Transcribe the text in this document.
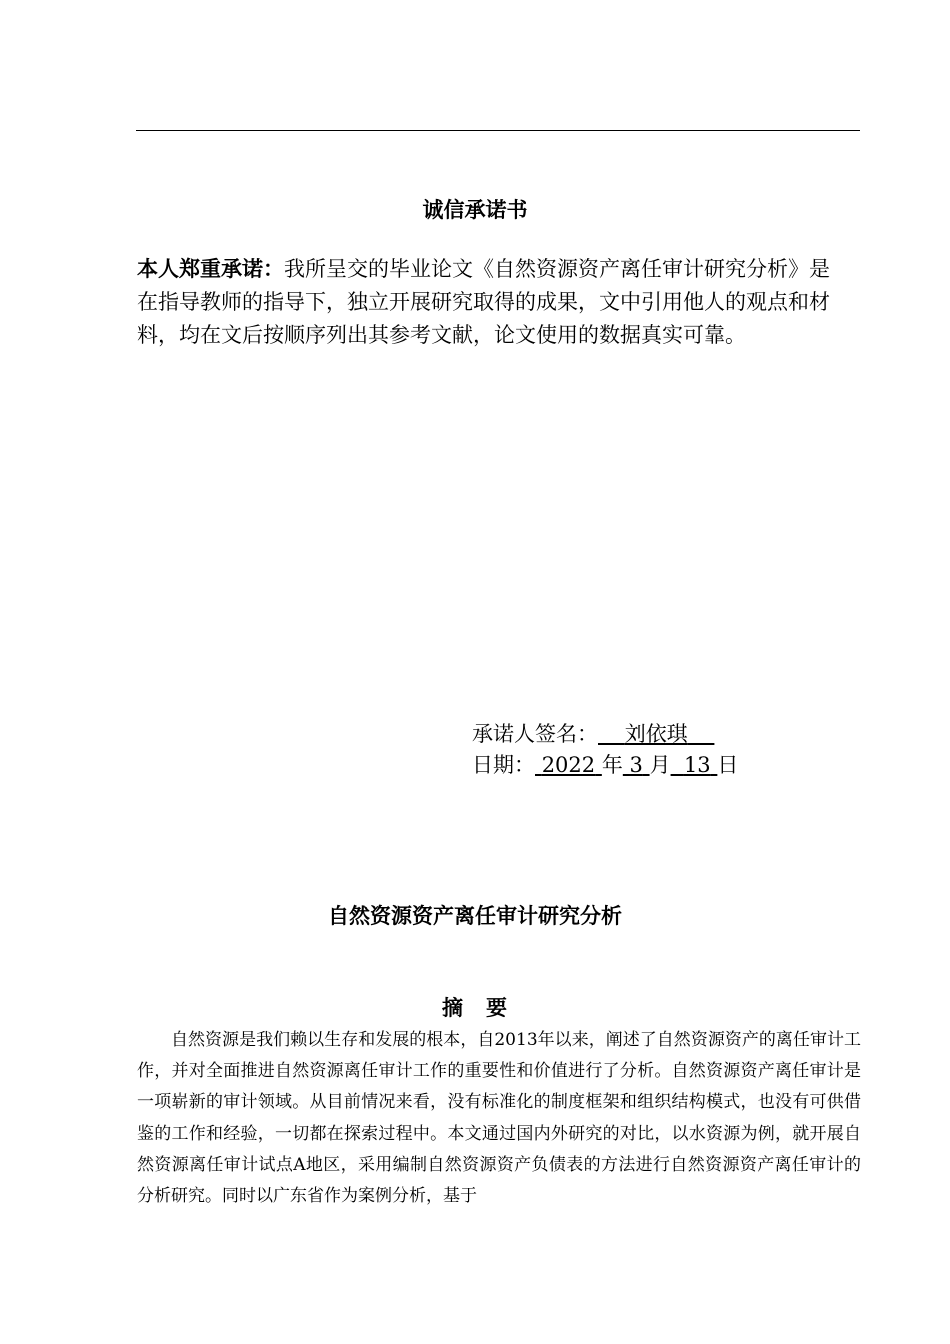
诚信承诺书
本人郑重承诺：我所呈交的毕业论文《自然资源资产离任审计研究分析》是在指导教师的指导下，独立开展研究取得的成果，文中引用他人的观点和材料，均在文后按顺序列出其参考文献，论文使用的数据真实可靠。
承诺人签名： 刘依琪
日期： 2022 年 3 月 13 日
自然资源资产离任审计研究分析
摘　要
自然资源是我们赖以生存和发展的根本，自2013年以来，阐述了自然资源资产的离任审计工作，并对全面推进自然资源离任审计工作的重要性和价值进行了分析。自然资源资产离任审计是一项崭新的审计领域。从目前情况来看，没有标准化的制度框架和组织结构模式，也没有可供借鉴的工作和经验，一切都在探索过程中。本文通过国内外研究的对比，以水资源为例，就开展自然资源离任审计试点A地区，采用编制自然资源资产负债表的方法进行自然资源资产离任审计的分析研究。同时以广东省作为案例分析，基于
